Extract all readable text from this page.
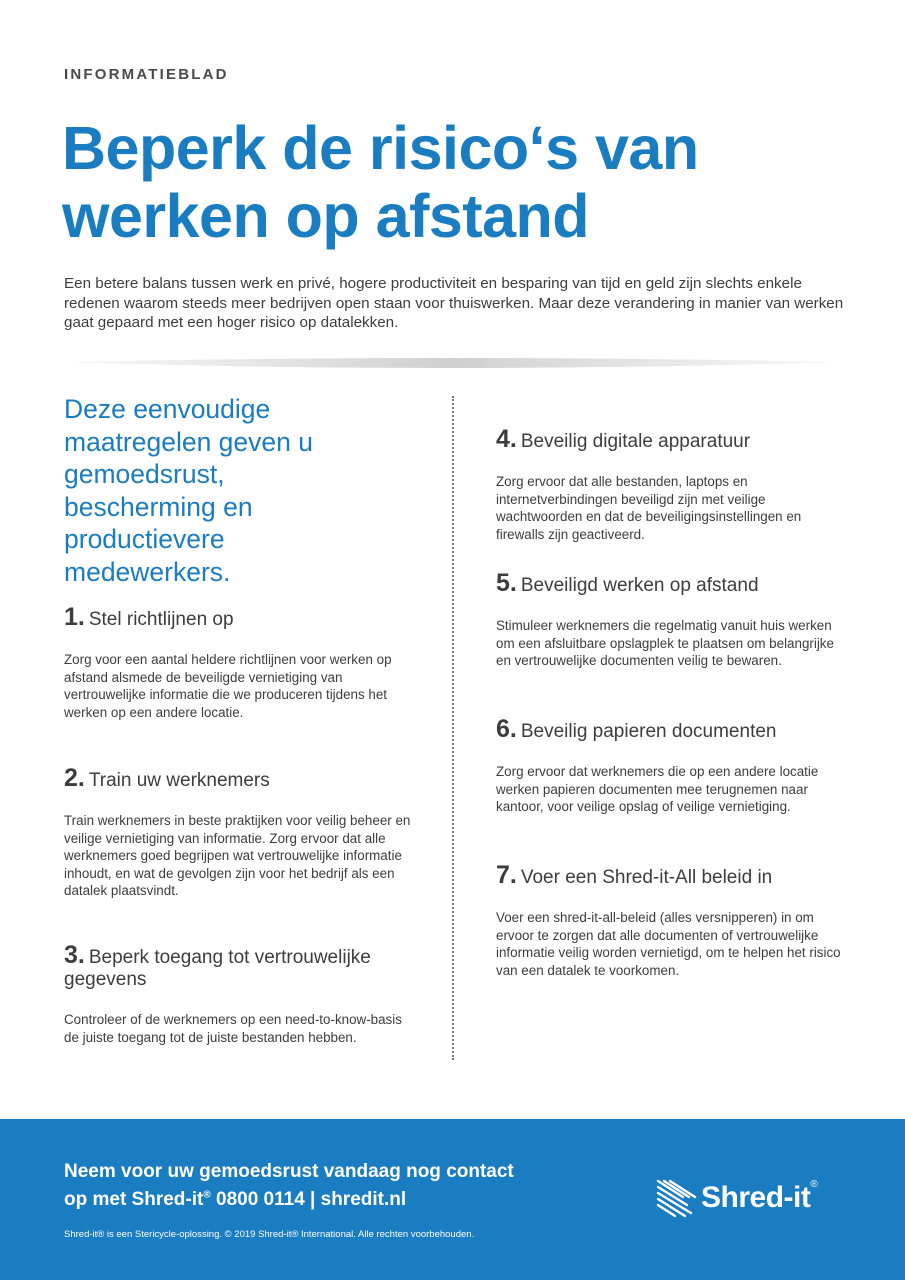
INFORMATIEBLAD
Beperk de risico‘s van werken op afstand

Een betere balans tussen werk en privé, hogere productiviteit en besparing van tijd en geld zijn slechts enkele redenen waarom steeds meer bedrijven open staan voor thuiswerken. Maar deze verandering in manier van werken gaat gepaard met een hoger risico op datalekken.

Deze eenvoudige maatregelen geven u gemoedsrust, bescherming en productievere medewerkers.

1. Stel richtlijnen op

Zorg voor een aantal heldere richtlijnen voor werken op afstand alsmede de beveiligde vernietiging van vertrouwelijke informatie die we produceren tijdens het werken op een andere locatie.

2. Train uw werknemers

Train werknemers in beste praktijken voor veilig beheer en veilige vernietiging van informatie. Zorg ervoor dat alle werknemers goed begrijpen wat vertrouwelijke informatie inhoudt, en wat de gevolgen zijn voor het bedrijf als een datalek plaatsvindt.

3. Beperk toegang tot vertrouwelijke gegevens

Controleer of de werknemers op een need-to-know-basis de juiste toegang tot de juiste bestanden hebben.

4. Beveilig digitale apparatuur

Zorg ervoor dat alle bestanden, laptops en internetverbindingen beveiligd zijn met veilige wachtwoorden en dat de beveiligingsinstellingen en firewalls zijn geactiveerd.

5. Beveiligd werken op afstand

Stimuleer werknemers die regelmatig vanuit huis werken om een afsluitbare opslagplek te plaatsen om belangrijke en vertrouwelijke documenten veilig te bewaren.

6. Beveilig papieren documenten

Zorg ervoor dat werknemers die op een andere locatie werken papieren documenten mee terugnemen naar kantoor, voor veilige opslag of veilige vernietiging.

7. Voer een Shred-it-All beleid in

Voer een shred-it-all-beleid (alles versnipperen) in om ervoor te zorgen dat alle documenten of vertrouwelijke informatie veilig worden vernietigd, om te helpen het risico van een datalek te voorkomen.

Neem voor uw gemoedsrust vandaag nog contact
op met Shred-it® 0800 0114 | shredit.nl
Shred-it® is een Stericycle-oplossing. © 2019 Shred-it® International. Alle rechten voorbehouden.
Shred-it ®
